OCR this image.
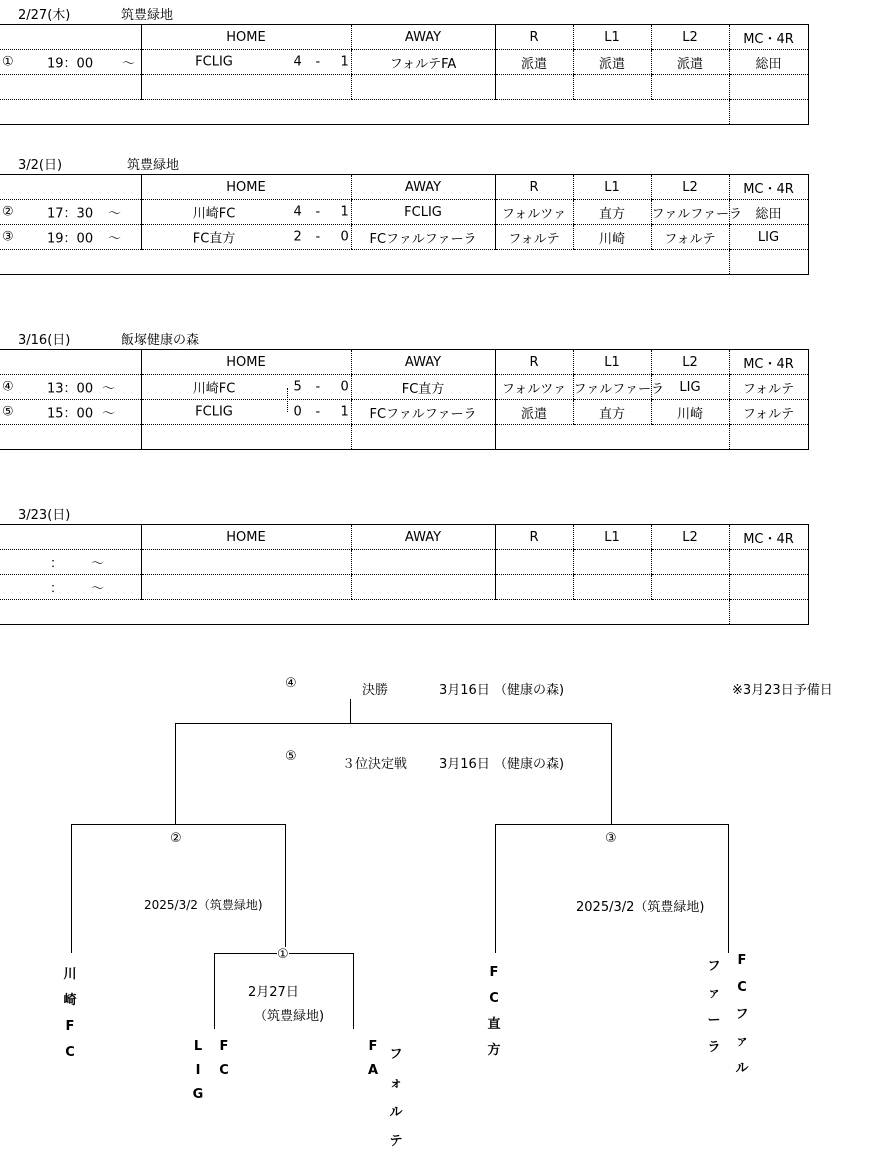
2/27(木)	筑豊緑地
	HOME	AWAY	R	L1	L2	MC・4R

① 19：00 ～	FCLIG 4 - 1	フォルテFA	派遣	派遣	派遣	総田

3/2(日)	筑豊緑地
	HOME	AWAY	R	L1	L2	MC・4R

② 17：30 ～	川崎FC 4 - 1	FCLIG	フォルツァ	直方	ファルファーラ	総田

③ 19：00 ～	FC直方 2 - 0	FCファルファーラ	フォルテ	川崎	フォルテ	LIG

3/16(日)	飯塚健康の森
	HOME	AWAY	R	L1	L2	MC・4R

④ 13：00 ～	川崎FC 5 - 0	FC直方	フォルツァ	ファルファーラ	LIG	フォルテ

⑤ 15：00 ～	FCLIG 0 - 1	FCファルファーラ	派遣	直方	川崎	フォルテ

3/23(日)
	HOME	AWAY	R	L1	L2	MC・4R

： ～						

： ～						

④	決勝	3月16日 （健康の森)	※3月23日予備日
⑤
３位決定戦 3月16日 （健康の森)
②
2025/3/2（筑豊緑地)
③
2025/3/2（筑豊緑地)
①
2月27日
（筑豊緑地)
川
崎
F
C	L
I
G
F
C
F
A
フ
ォ
ル
テ
F
C
直
方
フ
ァ
ー
ラ
F
C
フ
ァ
ル
